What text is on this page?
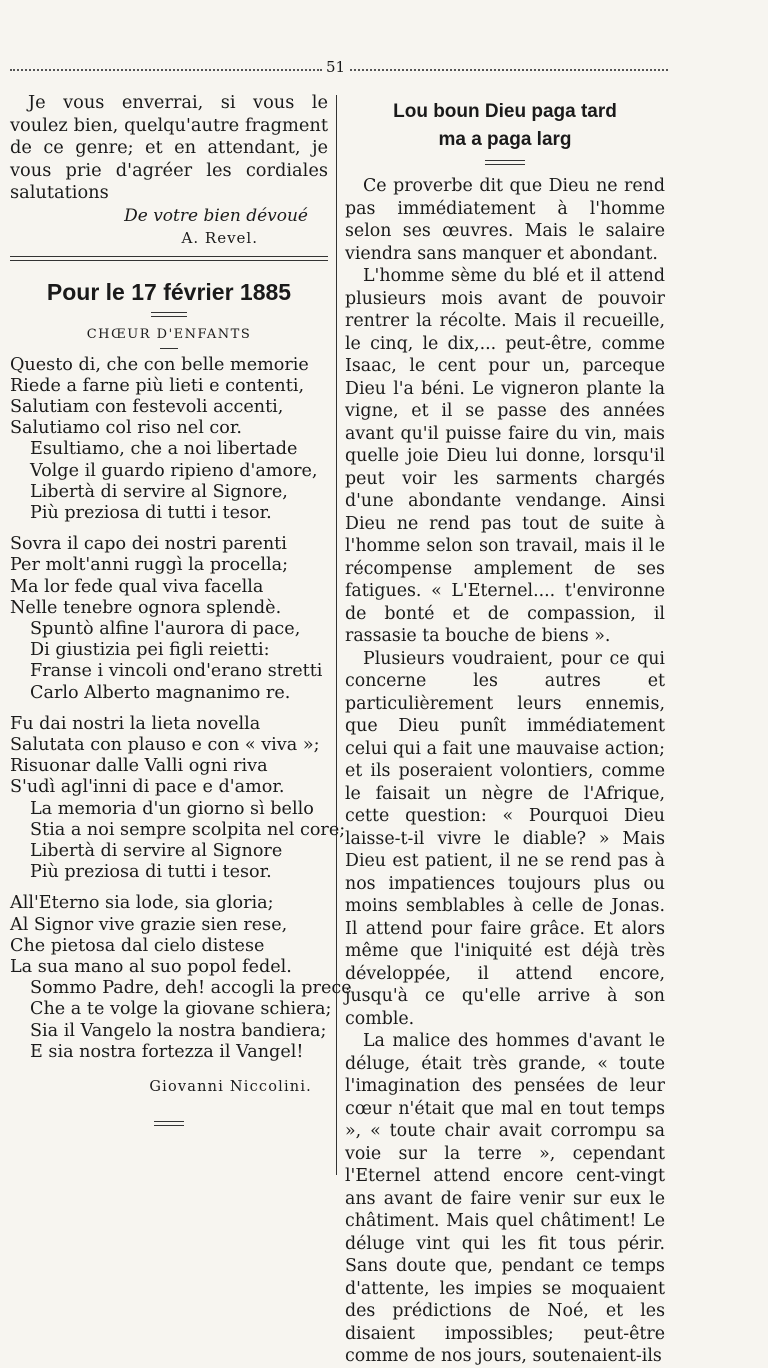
51

Je vous enverrai, si vous le voulez bien, quelqu'autre fragment de ce genre; et en attendant, je vous prie d'agréer les cordiales salutations

De votre bien dévoué
A. Revel.
Pour le 17 février 1885
CHŒUR D'ENFANTS
Questo di, che con belle memorie
Riede a farne più lieti e contenti,
Salutiam con festevoli accenti,
Salutiamo col riso nel cor.
Esultiamo, che a noi libertade
Volge il guardo ripieno d'amore,
Libertà di servire al Signore,
Più preziosa di tutti i tesor.
Sovra il capo dei nostri parenti
Per molt'anni ruggì la procella;
Ma lor fede qual viva facella
Nelle tenebre ognora splendè.
Spuntò alfine l'aurora di pace,
Di giustizia pei figli reietti:
Franse i vincoli ond'erano stretti
Carlo Alberto magnanimo re.
Fu dai nostri la lieta novella
Salutata con plauso e con « viva »;
Risuonar dalle Valli ogni riva
S'udì agl'inni di pace e d'amor.
La memoria d'un giorno sì bello
Stia a noi sempre scolpita nel core;
Libertà di servire al Signore
Più preziosa di tutti i tesor.
All'Eterno sia lode, sia gloria;
Al Signor vive grazie sien rese,
Che pietosa dal cielo distese
La sua mano al suo popol fedel.
Sommo Padre, deh! accogli la prece
Che a te volge la giovane schiera;
Sia il Vangelo la nostra bandiera;
E sia nostra fortezza il Vangel!
Giovanni Niccolini.
Lou boun Dieu paga tard
ma a paga larg

Ce proverbe dit que Dieu ne rend pas immédiatement à l'homme selon ses œuvres. Mais le salaire viendra sans manquer et abondant.

L'homme sème du blé et il attend plusieurs mois avant de pouvoir rentrer la récolte. Mais il recueille, le cinq, le dix,... peut-être, comme Isaac, le cent pour un, parceque Dieu l'a béni. Le vigneron plante la vigne, et il se passe des années avant qu'il puisse faire du vin, mais quelle joie Dieu lui donne, lorsqu'il peut voir les sarments chargés d'une abondante vendange. Ainsi Dieu ne rend pas tout de suite à l'homme selon son travail, mais il le récompense amplement de ses fatigues. « L'Eternel.... t'environne de bonté et de compassion, il rassasie ta bouche de biens ».

Plusieurs voudraient, pour ce qui concerne les autres et particulièrement leurs ennemis, que Dieu punît immédiatement celui qui a fait une mauvaise action; et ils poseraient volontiers, comme le faisait un nègre de l'Afrique, cette question: « Pourquoi Dieu laisse-t-il vivre le diable? » Mais Dieu est patient, il ne se rend pas à nos impatiences toujours plus ou moins semblables à celle de Jonas. Il attend pour faire grâce. Et alors même que l'iniquité est déjà très développée, il attend encore, jusqu'à ce qu'elle arrive à son comble.

La malice des hommes d'avant le déluge, était très grande, « toute l'imagination des pensées de leur cœur n'était que mal en tout temps », « toute chair avait corrompu sa voie sur la terre », cependant l'Eternel attend encore cent-vingt ans avant de faire venir sur eux le châtiment. Mais quel châtiment! Le déluge vint qui les fit tous périr. Sans doute que, pendant ce temps d'attente, les impies se moquaient des prédictions de Noé, et les disaient impossibles; peut-être comme de nos jours, soutenaient-ils
